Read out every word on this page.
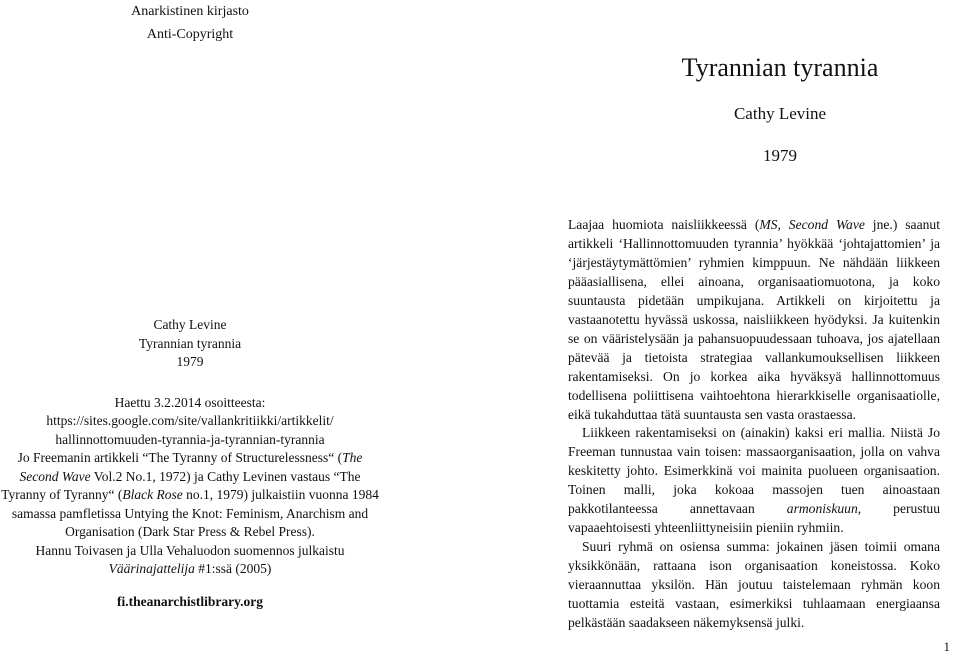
Anarkistinen kirjasto
Anti-Copyright
Cathy Levine
Tyrannian tyrannia
1979
Haettu 3.2.2014 osoitteesta:
https://sites.google.com/site/vallankritiikki/artikkelit/
hallinnottomuuden-tyrannia-ja-tyrannian-tyrannia
Jo Freemanin artikkeli “The Tyranny of Structurelessness“ (The Second Wave Vol.2 No.1, 1972) ja Cathy Levinen vastaus “The Tyranny of Tyranny“ (Black Rose no.1, 1979) julkaistiin vuonna 1984 samassa pamfletissa Untying the Knot: Feminism, Anarchism and Organisation (Dark Star Press & Rebel Press).
Hannu Toivasen ja Ulla Vehaluodon suomennos julkaistu Väärinajattelija #1:ssä (2005)
fi.theanarchistlibrary.org
Tyrannian tyrannia
Cathy Levine
1979

Laajaa huomiota naisliikkeessä (MS, Second Wave jne.) saanut artikkeli ‘Hallinnottomuuden tyrannia’ hyökkää ‘johtajattomien’ ja ‘järjestäytymättömien’ ryhmien kimppuun. Ne nähdään liikkeen pääasiallisena, ellei ainoana, organisaatiomuotona, ja koko suuntausta pidetään umpikujana. Artikkeli on kirjoitettu ja vastaanotettu hyvässä uskossa, naisliikkeen hyödyksi. Ja kuitenkin se on vääristelysään ja pahansuopuudessaan tuhoava, jos ajatellaan pätevää ja tietoista strategiaa vallankumouksellisen liikkeen rakentamiseksi. On jo korkea aika hyväksyä hallinnottomuus todellisena poliittisena vaihtoehtona hierarkkiselle organisaatiolle, eikä tukahduttaa tätä suuntausta sen vasta orastaessa.

Liikkeen rakentamiseksi on (ainakin) kaksi eri mallia. Niistä Jo Freeman tunnustaa vain toisen: massaorganisaation, jolla on vahva keskitetty johto. Esimerkkinä voi mainita puolueen organisaation. Toinen malli, joka kokoaa massojen tuen ainoastaan pakkotilanteessa annettavaan armoniskuun, perustuu vapaaehtoisesti yhteenliittyneisiin pieniin ryhmiin.

Suuri ryhmä on osiensa summa: jokainen jäsen toimii omana yksikkönään, rattaana ison organisaation koneistossa. Koko vieraannuttaa yksilön. Hän joutuu taistelemaan ryhmän koon tuottamia esteitä vastaan, esimerkiksi tuhlaamaan energiaansa pelkästään saadakseen näkemyksensä julki.

1
